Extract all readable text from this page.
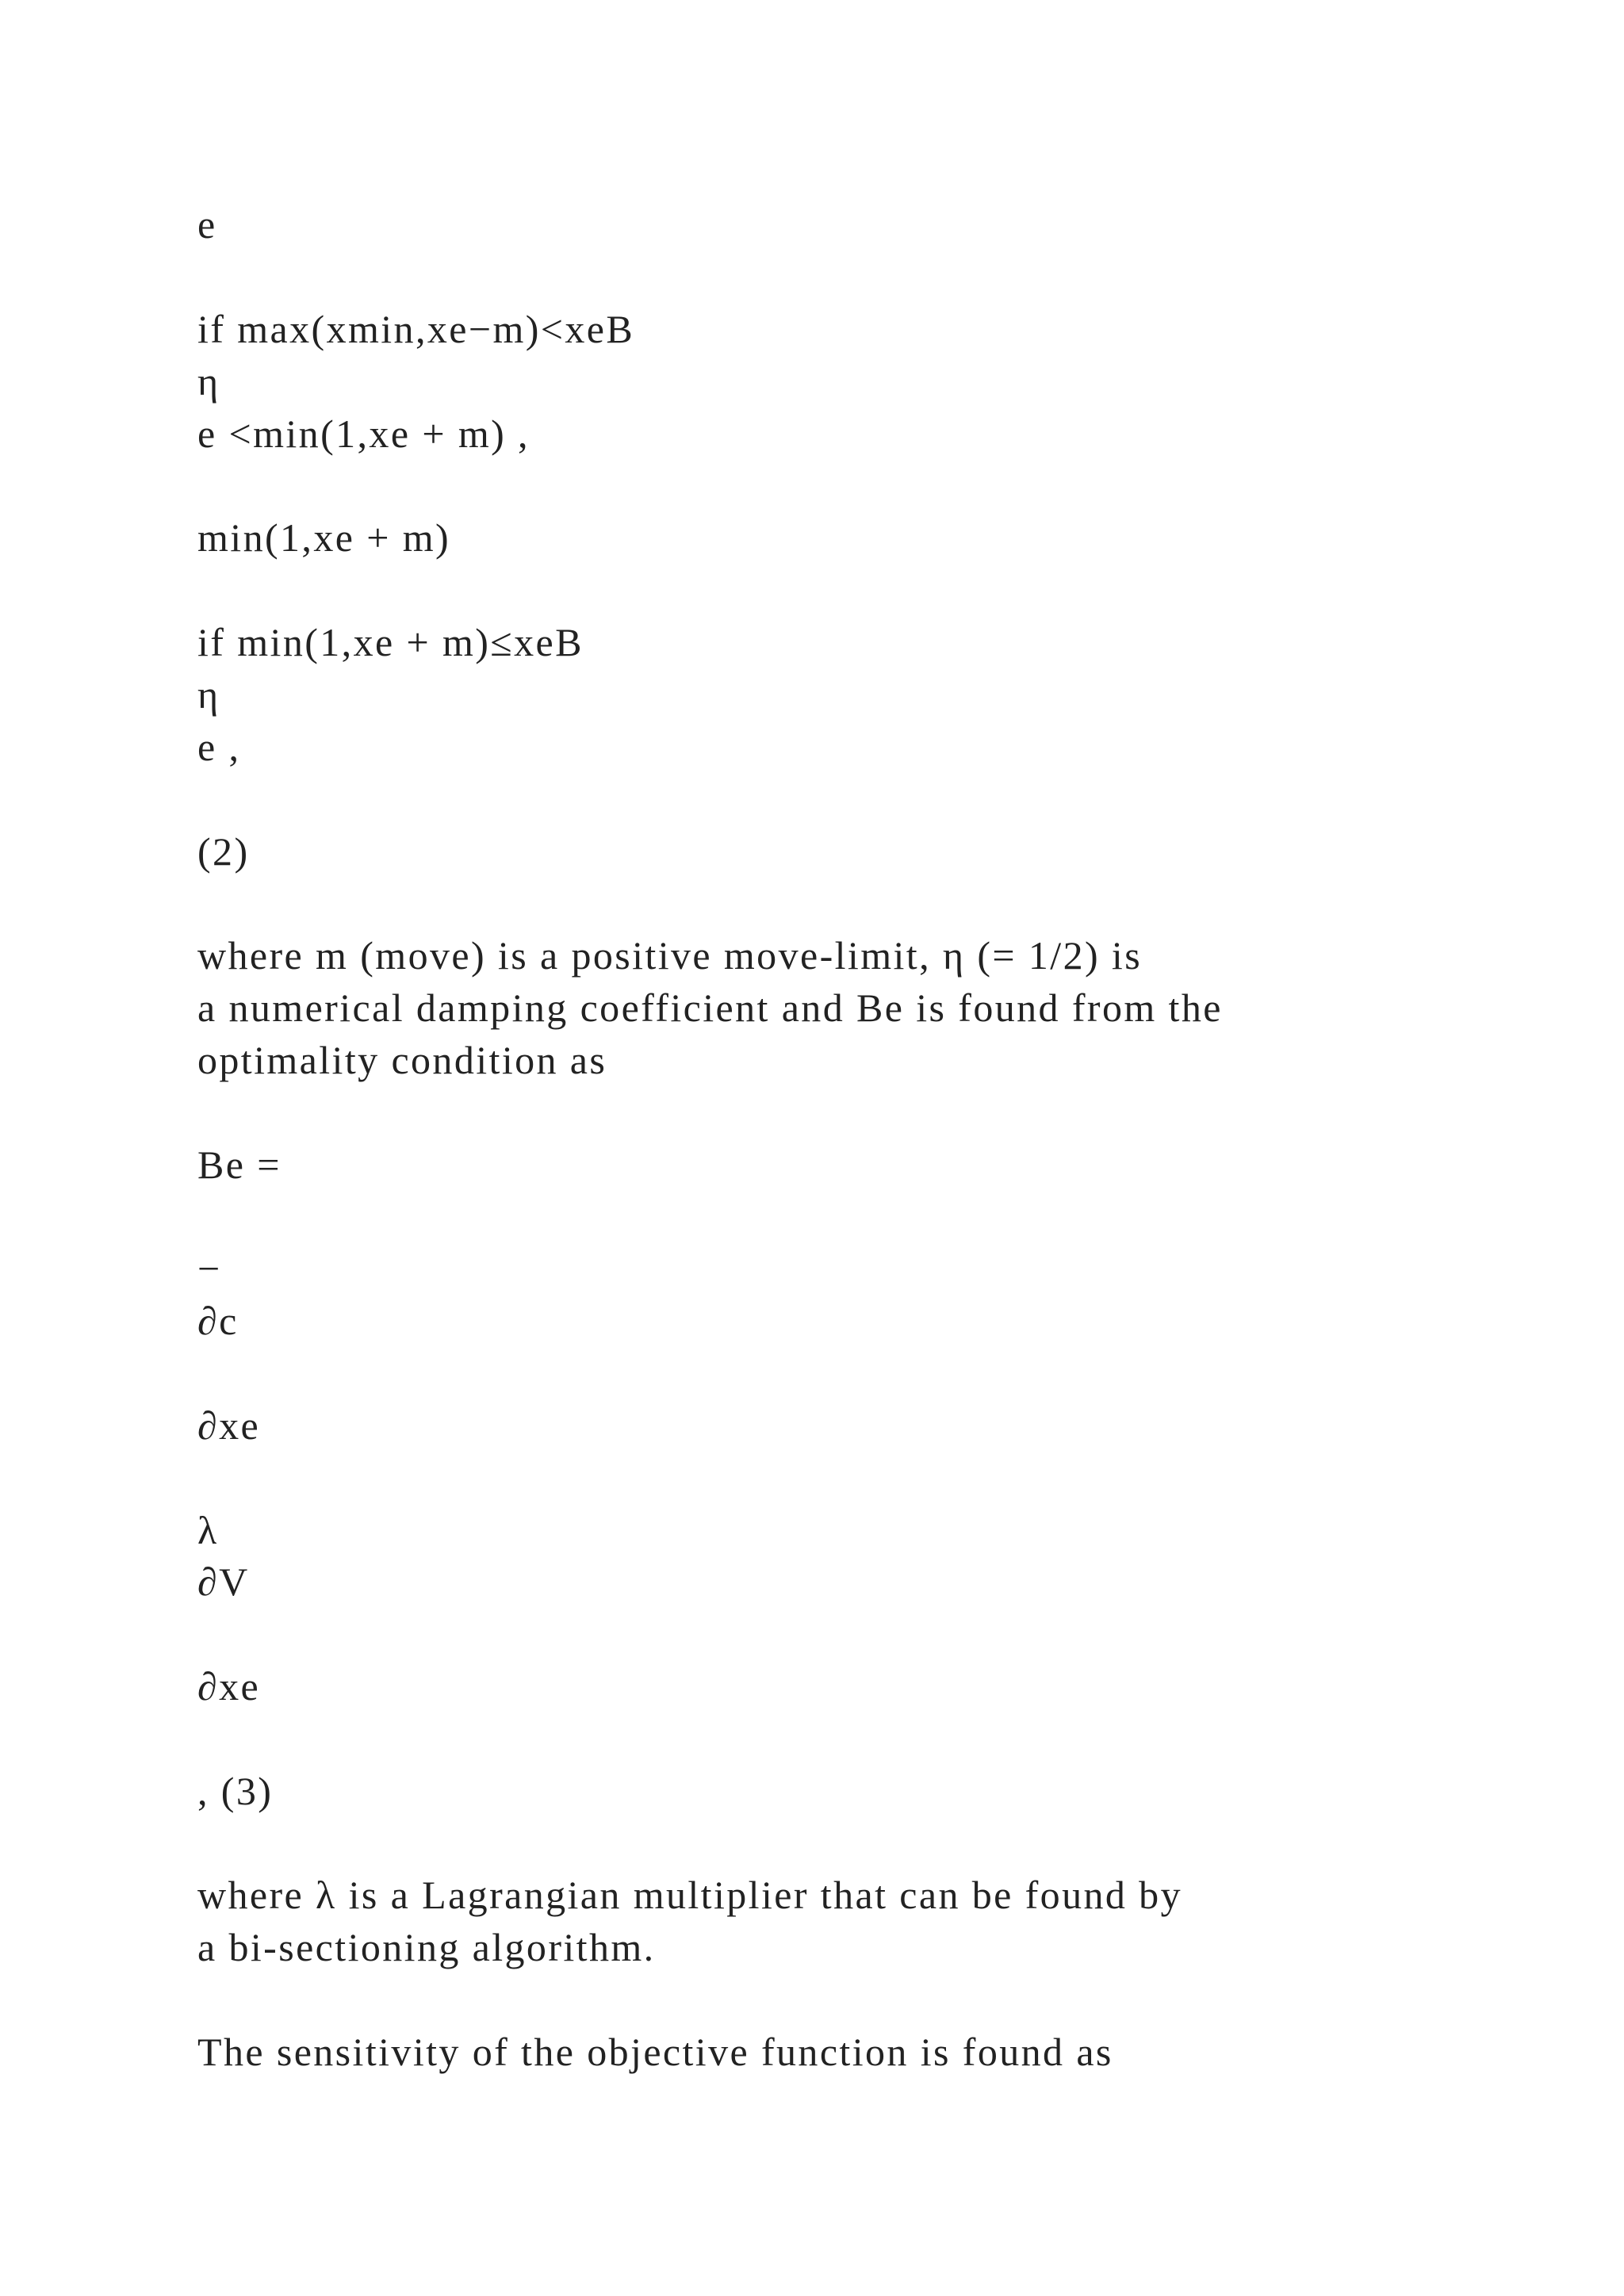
e

if max(xmin,xe−m)<xeB

η

e <min(1,xe + m) ,

min(1,xe + m)

if min(1,xe + m)≤xeB

η

e ,

(2)

where m (move) is a positive move-limit, η (= 1/2) is

a numerical damping coefficient and Be is found from the

optimality condition as

Be =

−

∂c

∂xe

λ

∂V

∂xe

, (3)

where λ is a Lagrangian multiplier that can be found by

a bi-sectioning algorithm.

The sensitivity of the objective function is found as
